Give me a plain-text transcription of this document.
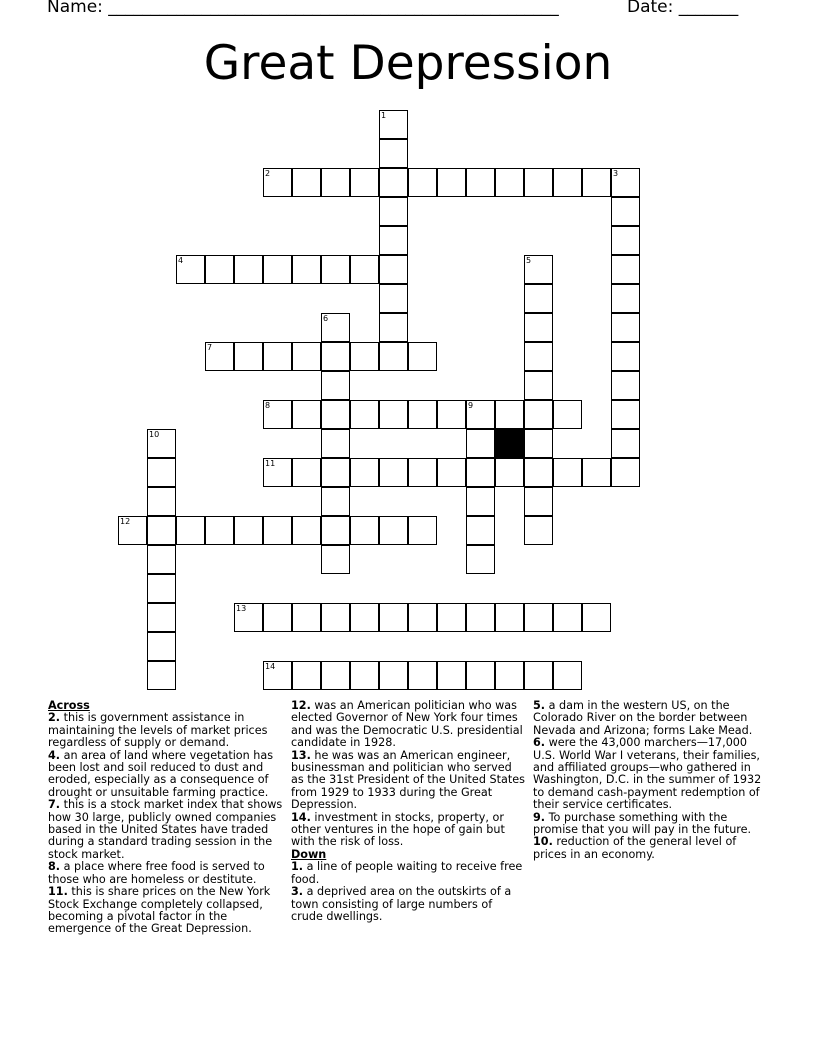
Name: _____________________________________________________	Date: _______
Great Depression
1
2	3
4	5
6
7
8	9
10
11
12
13
14

Across

2. this is government assistance in maintaining the levels of market prices regardless of supply or demand.

4. an area of land where vegetation has been lost and soil reduced to dust and eroded, especially as a consequence of drought or unsuitable farming practice.

7. this is a stock market index that shows how 30 large, publicly owned companies based in the United States have traded during a standard trading session in the stock market.

8. a place where free food is served to those who are homeless or destitute.

11. this is share prices on the New York Stock Exchange completely collapsed, becoming a pivotal factor in the emergence of the Great Depression.

12. was an American politician who was elected Governor of New York four times and was the Democratic U.S. presidential candidate in 1928.

13. he was was an American engineer, businessman and politician who served as the 31st President of the United States from 1929 to 1933 during the Great Depression.

14. investment in stocks, property, or other ventures in the hope of gain but with the risk of loss.

Down

1. a line of people waiting to receive free food.

3. a deprived area on the outskirts of a town consisting of large numbers of crude dwellings.

5. a dam in the western US, on the Colorado River on the border between Nevada and Arizona; forms Lake Mead.

6. were the 43,000 marchers—17,000 U.S. World War I veterans, their families, and affiliated groups—who gathered in Washington, D.C. in the summer of 1932 to demand cash-payment redemption of their service certificates.

9. To purchase something with the promise that you will pay in the future.

10. reduction of the general level of prices in an economy.
